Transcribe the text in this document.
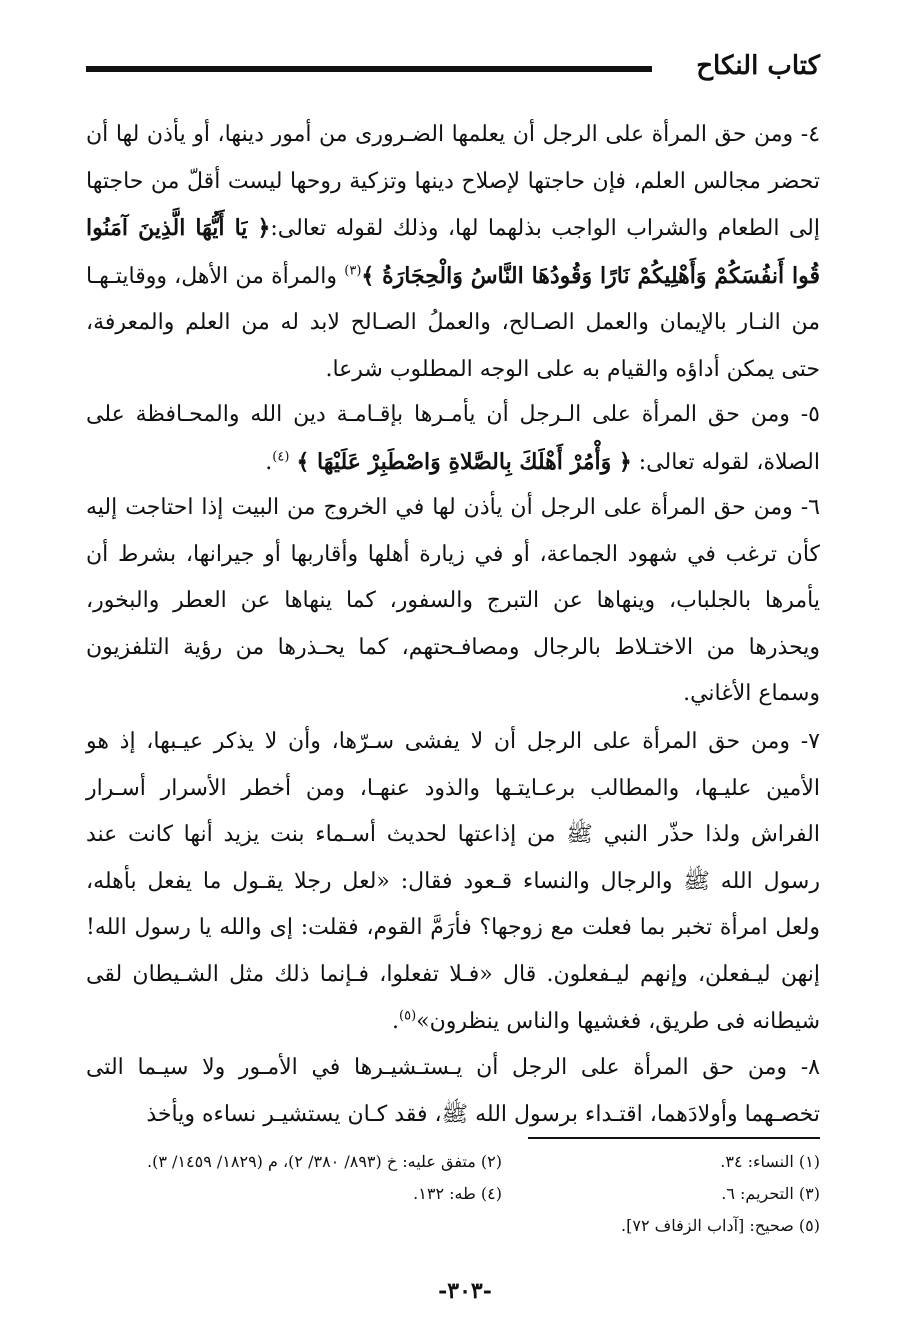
كتاب النكاح

٤- ومن حق المرأة على الرجل أن يعلمها الضـرورى من أمور دينها، أو يأذن لها أن تحضر مجالس العلم، فإن حاجتها لإصلاح دينها وتزكية روحها ليست أقلّ من حاجتها إلى الطعام والشراب الواجب بذلهما لها، وذلك لقوله تعالى:﴿ يَا أَيُّهَا الَّذِينَ آمَنُوا قُوا أَنفُسَكُمْ وَأَهْلِيكُمْ نَارًا وَقُودُهَا النَّاسُ وَالْحِجَارَةُ ﴾$^{(٣)}$ والمرأة من الأهل، ووقايتـهـا من النـار بالإيمان والعمل الصـالح، والعملُ الصـالح لابد له من العلم والمعرفة، حتى يمكن أداؤه والقيام به على الوجه المطلوب شرعا.

٥- ومن حق المرأة على الـرجل أن يأمـرها بإقـامـة دين الله والمحـافظة على الصلاة، لقوله تعالى: ﴿ وَأْمُرْ أَهْلَكَ بِالصَّلاةِ وَاصْطَبِرْ عَلَيْهَا ﴾ $^{(٤)}$.

٦- ومن حق المرأة على الرجل أن يأذن لها في الخروج من البيت إذا احتاجت إليه كأن ترغب في شهود الجماعة، أو في زيارة أهلها وأقاربها أو جيرانها، بشرط أن يأمرها بالجلباب، وينهاها عن التبرج والسفور، كما ينهاها عن العطر والبخور، ويحذرها من الاختـلاط بالرجال ومصافـحتهم، كما يحـذرها من رؤية التلفزيون وسماع الأغاني.

٧- ومن حق المرأة على الرجل أن لا يفشى سـرّها، وأن لا يذكر عيـبها، إذ هو الأمين عليـها، والمطالب برعـايتـها والذود عنهـا، ومن أخطر الأسرار أسـرار الفراش ولذا حذّر النبي ﷺ من إذاعتها لحديث أسـماء بنت يزيد أنها كانت عند رسول الله ﷺ والرجال والنساء قـعود فقال: «لعل رجلا يقـول ما يفعل بأهله، ولعل امرأة تخبر بما فعلت مع زوجها؟ فأرَمَّ القوم، فقلت: إى والله يا رسول الله! إنهن ليـفعلن، وإنهم ليـفعلون. قال «فـلا تفعلوا، فـإنما ذلك مثل الشـيطان لقى شيطانه فى طريق، فغشيها والناس ينظرون»$^{(٥)}$.

٨- ومن حق المرأة على الرجل أن يـستـشيـرها في الأمـور ولا سيـما التى تخصـهما وأولادَهما، اقتـداء برسول الله ﷺ، فقد كـان يستشيـر نساءه ويأخذ

(١) النساء: ٣٤.
(٢) متفق عليه: خ (٨٩٣/ ٣٨٠/ ٢)، م (١٨٢٩/ ١٤٥٩/ ٣).
(٣) التحريم: ٦.
(٤) طه: ١٣٢.
(٥) صحيح: [آداب الزفاف ٧٢].
-٣٠٣-
